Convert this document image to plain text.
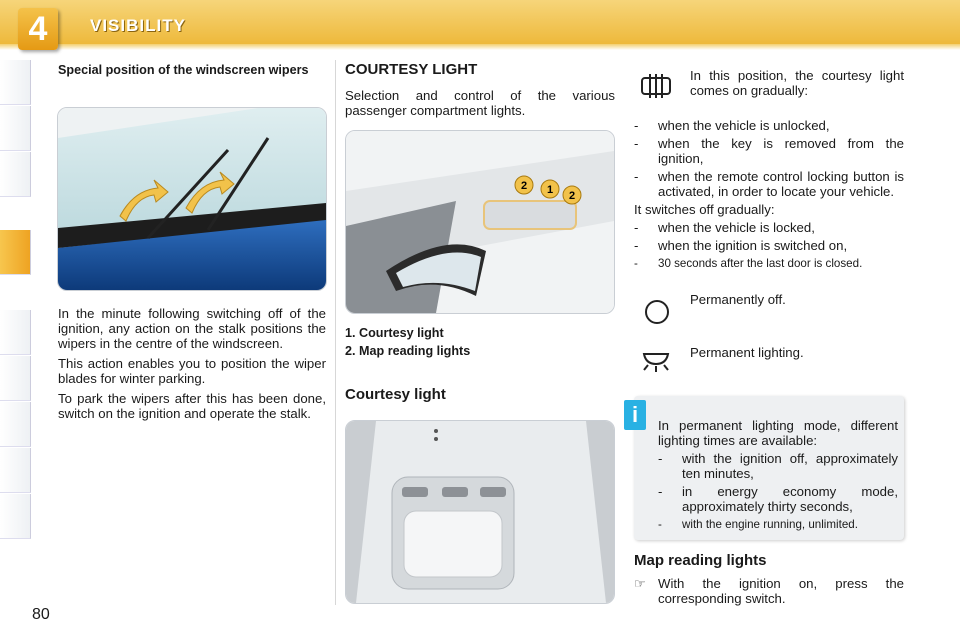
4	VISIBILITY
80
Special position of the windscreen wipers

In the minute following switching off of the ignition, any action on the stalk positions the wipers in the centre of the windscreen.

This action enables you to position the wiper blades for winter parking.

To park the wipers after this has been done, switch on the ignition and operate the stalk.

COURTESY LIGHT

Selection and control of the various passenger compartment lights.

2 1 2
1. Courtesy light
2. Map reading lights
Courtesy light

In this position, the courtesy light comes on gradually:

-	when the vehicle is unlocked,
-	when the key is removed from the ignition,
-	when the remote control locking button is activated, in order to locate your vehicle.
It switches off gradually:
-	when the vehicle is locked,
-	when the ignition is switched on,
-	30 seconds after the last door is closed.
Permanently off.
Permanent lighting.
i	In permanent lighting mode, different lighting times are available:

-	with the ignition off, approximately ten minutes,
-	in energy economy mode, approximately thirty seconds,
-	with the engine running, unlimited.
Map reading lights
☞ With the ignition on, press the corresponding switch.
